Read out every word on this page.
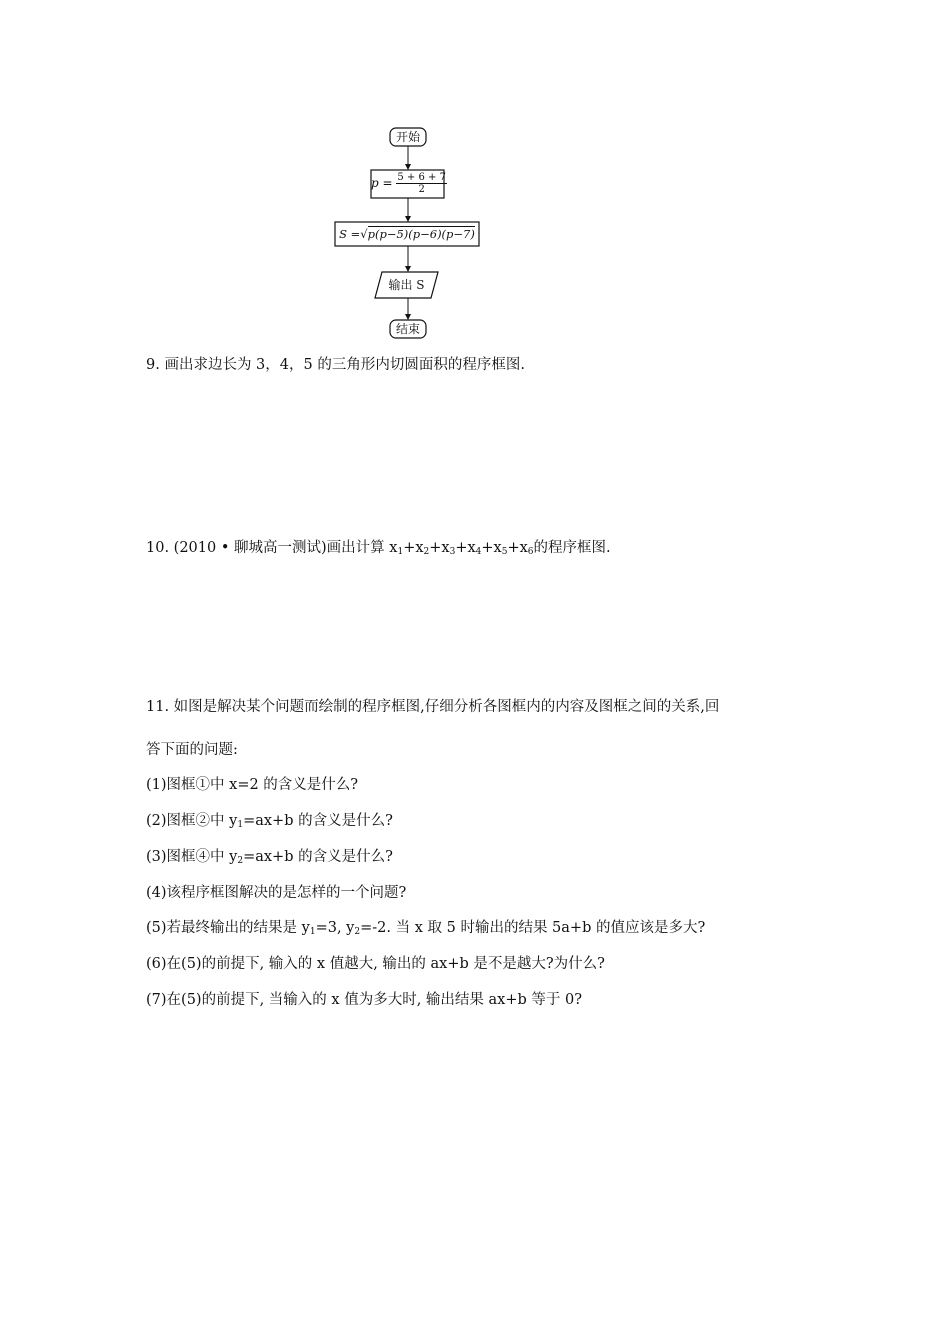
开始
$p = \frac{5 + 6 + 7}{2}$
S =√p(p−5)(p−6)(p−7)
输出 S
结束
9. 画出求边长为 3，4，5 的三角形内切圆面积的程序框图.
10. (2010 • 聊城高一测试)画出计算 $x_1+x_2+x_3+x_4+x_5+x_6$的程序框图.
11. 如图是解决某个问题而绘制的程序框图,仔细分析各图框内的内容及图框之间的关系,回
答下面的问题:
(1)图框①中 x=2 的含义是什么?
(2)图框②中 $y_1=ax+b$ 的含义是什么?
(3)图框④中 $y_2=ax+b$ 的含义是什么?
(4)该程序框图解决的是怎样的一个问题?
(5)若最终输出的结果是 $y_1=3$, $y_2=-2$. 当 x 取 5 时输出的结果 5a+b 的值应该是多大?
(6)在(5)的前提下, 输入的 x 值越大, 输出的 ax+b 是不是越大?为什么?
(7)在(5)的前提下, 当输入的 x 值为多大时, 输出结果 ax+b 等于 0?
